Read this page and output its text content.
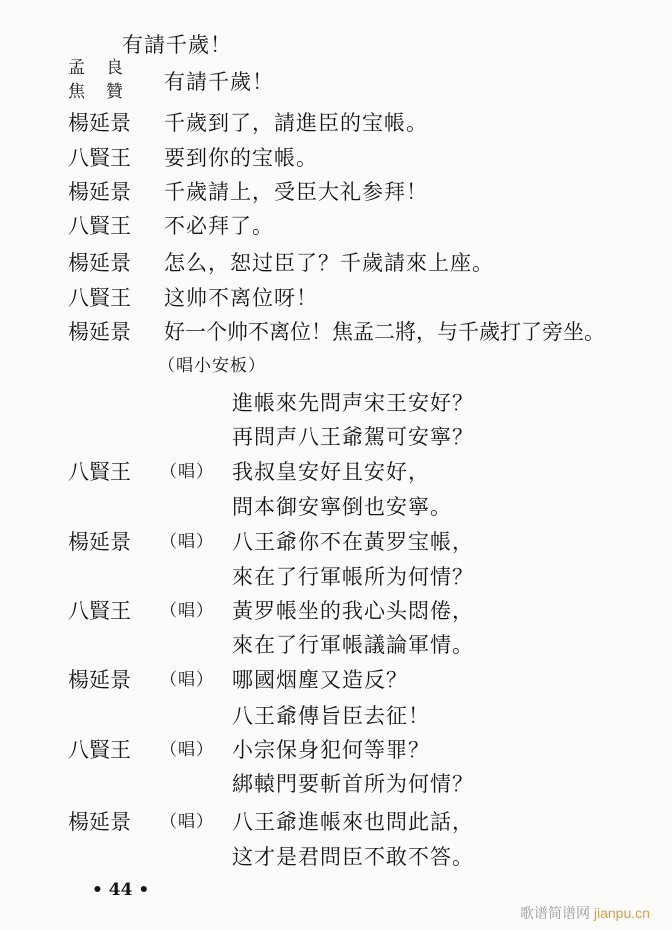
有請千歲！
孟　良
焦　贊 有請千歲！
楊延景 千歲到了，請進臣的宝帳。
八賢王 要到你的宝帳。
楊延景 千歲請上，受臣大礼参拜！
八賢王 不必拜了。
楊延景 怎么，恕过臣了？千歲請來上座。
八賢王 这帅不离位呀！
楊延景 好一个帅不离位！焦孟二將，与千歲打了旁坐。
（唱小安板）
進帳來先問声宋王安好？
再問声八王爺駕可安寧？
八賢王 （唱） 我叔皇安好且安好，
問本御安寧倒也安寧。
楊延景 （唱） 八王爺你不在黃罗宝帳，
來在了行軍帳所为何情？
八賢王 （唱） 黃罗帳坐的我心头悶倦，
來在了行軍帳議論軍情。
楊延景 （唱） 哪國烟塵又造反？
八王爺傳旨臣去征！
八賢王 （唱） 小宗保身犯何等罪？
綁轅門要斬首所为何情？
楊延景 （唱） 八王爺進帳來也問此話，
这才是君問臣不敢不答。
• 44 •
歌谱简谱网 jianpu.cn
